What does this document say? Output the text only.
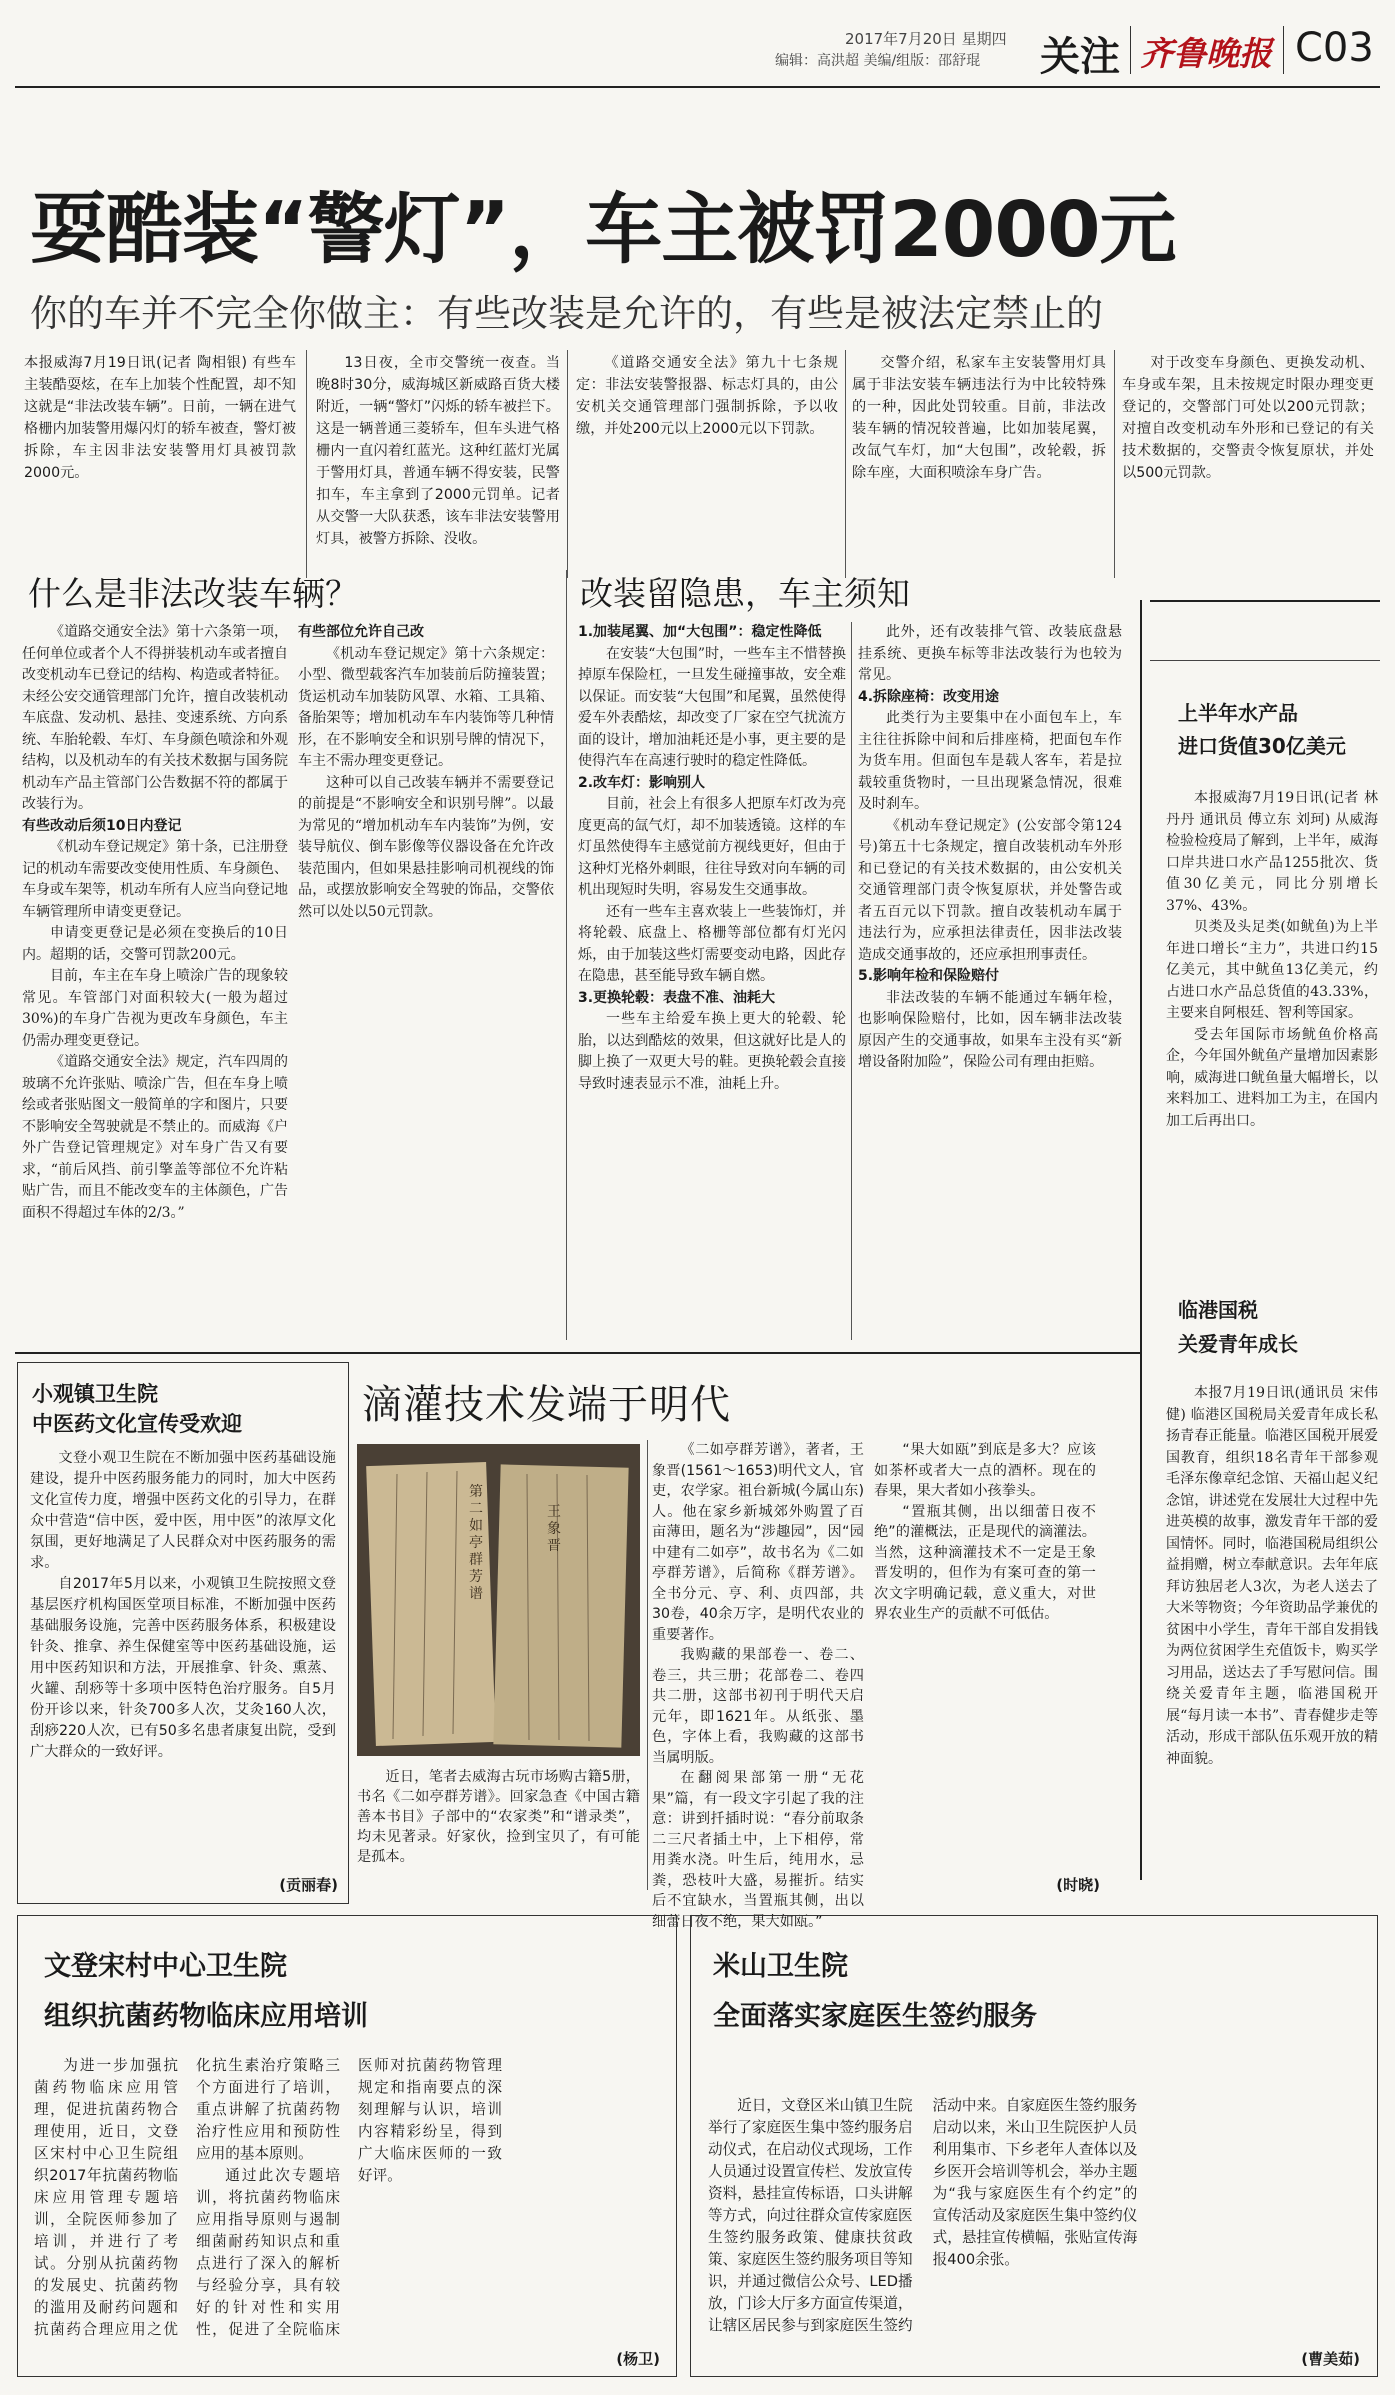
2017年7月20日 星期四
编辑：高洪超 美编/组版：邵舒琨 关注 齐鲁晚报 C03
耍酷装“警灯”，车主被罚2000元
你的车并不完全你做主：有些改装是允许的，有些是被法定禁止的

本报威海7月19日讯(记者 陶相银) 有些车主装酷耍炫，在车上加装个性配置，却不知这就是“非法改装车辆”。日前，一辆在进气格栅内加装警用爆闪灯的轿车被查，警灯被拆除，车主因非法安装警用灯具被罚款2000元。

13日夜，全市交警统一夜查。当晚8时30分，威海城区新威路百货大楼附近，一辆“警灯”闪烁的轿车被拦下。这是一辆普通三菱轿车，但车头进气格栅内一直闪着红蓝光。这种红蓝灯光属于警用灯具，普通车辆不得安装，民警扣车，车主拿到了2000元罚单。记者从交警一大队获悉，该车非法安装警用灯具，被警方拆除、没收。

《道路交通安全法》第九十七条规定：非法安装警报器、标志灯具的，由公安机关交通管理部门强制拆除，予以收缴，并处200元以上2000元以下罚款。

交警介绍，私家车主安装警用灯具属于非法安装车辆违法行为中比较特殊的一种，因此处罚较重。目前，非法改装车辆的情况较普遍，比如加装尾翼，改氙气车灯，加“大包围”，改轮毂，拆除车座，大面积喷涂车身广告。

对于改变车身颜色、更换发动机、车身或车架，且未按规定时限办理变更登记的，交警部门可处以200元罚款；对擅自改变机动车外形和已登记的有关技术数据的，交警责令恢复原状，并处以500元罚款。

什么是非法改装车辆？

《道路交通安全法》第十六条第一项，任何单位或者个人不得拼装机动车或者擅自改变机动车已登记的结构、构造或者特征。未经公安交通管理部门允许，擅自改装机动车底盘、发动机、悬挂、变速系统、方向系统、车胎轮毂、车灯、车身颜色喷涂和外观结构，以及机动车的有关技术数据与国务院机动车产品主管部门公告数据不符的都属于改装行为。

有些改动后须10日内登记

《机动车登记规定》第十条，已注册登记的机动车需要改变使用性质、车身颜色、车身或车架等，机动车所有人应当向登记地车辆管理所申请变更登记。

申请变更登记是必须在变换后的10日内。超期的话，交警可罚款200元。

目前，车主在车身上喷涂广告的现象较常见。车管部门对面积较大(一般为超过30%)的车身广告视为更改车身颜色，车主仍需办理变更登记。

《道路交通安全法》规定，汽车四周的玻璃不允许张贴、喷涂广告，但在车身上喷绘或者张贴图文一般简单的字和图片，只要不影响安全驾驶就是不禁止的。而威海《户外广告登记管理规定》对车身广告又有要求，“前后风挡、前引擎盖等部位不允许粘贴广告，而且不能改变车的主体颜色，广告面积不得超过车体的2/3。”

有些部位允许自己改

《机动车登记规定》第十六条规定：小型、微型载客汽车加装前后防撞装置；货运机动车加装防风罩、水箱、工具箱、备胎架等；增加机动车车内装饰等几种情形，在不影响安全和识别号牌的情况下，车主不需办理变更登记。

这种可以自己改装车辆并不需要登记的前提是“不影响安全和识别号牌”。以最为常见的“增加机动车车内装饰”为例，安装导航仪、倒车影像等仪器设备在允许改装范围内，但如果悬挂影响司机视线的饰品，或摆放影响安全驾驶的饰品，交警依然可以处以50元罚款。

改装留隐患，车主须知

1.加装尾翼、加“大包围”：稳定性降低

在安装“大包围”时，一些车主不惜替换掉原车保险杠，一旦发生碰撞事故，安全难以保证。而安装“大包围”和尾翼，虽然使得爱车外表酷炫，却改变了厂家在空气扰流方面的设计，增加油耗还是小事，更主要的是使得汽车在高速行驶时的稳定性降低。

2.改车灯：影响别人

目前，社会上有很多人把原车灯改为亮度更高的氙气灯，却不加装透镜。这样的车灯虽然使得车主感觉前方视线更好，但由于这种灯光格外刺眼，往往导致对向车辆的司机出现短时失明，容易发生交通事故。

还有一些车主喜欢装上一些装饰灯，并将轮毂、底盘上、格栅等部位都有灯光闪烁，由于加装这些灯需要变动电路，因此存在隐患，甚至能导致车辆自燃。

3.更换轮毂：表盘不准、油耗大

一些车主给爱车换上更大的轮毂、轮胎，以达到酷炫的效果，但这就好比是人的脚上换了一双更大号的鞋。更换轮毂会直接导致时速表显示不准，油耗上升。

此外，还有改装排气管、改装底盘悬挂系统、更换车标等非法改装行为也较为常见。

4.拆除座椅：改变用途

此类行为主要集中在小面包车上，车主往往拆除中间和后排座椅，把面包车作为货车用。但面包车是载人客车，若是拉载较重货物时，一旦出现紧急情况，很难及时刹车。

《机动车登记规定》(公安部令第124号)第五十七条规定，擅自改装机动车外形和已登记的有关技术数据的，由公安机关交通管理部门责令恢复原状，并处警告或者五百元以下罚款。擅自改装机动车属于违法行为，应承担法律责任，因非法改装造成交通事故的，还应承担刑事责任。

5.影响年检和保险赔付

非法改装的车辆不能通过车辆年检，也影响保险赔付，比如，因车辆非法改装原因产生的交通事故，如果车主没有买“新增设备附加险”，保险公司有理由拒赔。

上半年水产品
进口货值30亿美元

本报威海7月19日讯(记者 林丹丹 通讯员 傅立东 刘珂) 从威海检验检疫局了解到，上半年，威海口岸共进口水产品1255批次、货值30亿美元，同比分别增长37%、43%。

贝类及头足类(如鱿鱼)为上半年进口增长“主力”，共进口约15亿美元，其中鱿鱼13亿美元，约占进口水产品总货值的43.33%，主要来自阿根廷、智利等国家。

受去年国际市场鱿鱼价格高企，今年国外鱿鱼产量增加因素影响，威海进口鱿鱼量大幅增长，以来料加工、进料加工为主，在国内加工后再出口。

临港国税
关爱青年成长

本报7月19日讯(通讯员 宋伟健) 临港区国税局关爱青年成长私扬青春正能量。临港区国税开展爱国教育，组织18名青年干部参观毛泽东像章纪念馆、天福山起义纪念馆，讲述党在发展壮大过程中先进英模的故事，激发青年干部的爱国情怀。同时，临港国税局组织公益捐赠，树立奉献意识。去年年底拜访独居老人3次，为老人送去了大米等物资；今年资助品学兼优的贫困中小学生，青年干部自发捐钱为两位贫困学生充值饭卡，购买学习用品，送达去了手写慰问信。围绕关爱青年主题，临港国税开展“每月读一本书”、青春健步走等活动，形成干部队伍乐观开放的精神面貌。

小观镇卫生院
中医药文化宣传受欢迎

文登小观卫生院在不断加强中医药基础设施建设，提升中医药服务能力的同时，加大中医药文化宣传力度，增强中医药文化的引导力，在群众中营造“信中医，爱中医，用中医”的浓厚文化氛围，更好地满足了人民群众对中医药服务的需求。

自2017年5月以来，小观镇卫生院按照文登基层医疗机构国医堂项目标准，不断加强中医药基础服务设施，完善中医药服务体系，积极建设针灸、推拿、养生保健室等中医药基础设施，运用中医药知识和方法，开展推拿、针灸、熏蒸、火罐、刮痧等十多项中医特色治疗服务。自5月份开诊以来，针灸700多人次，艾灸160人次，刮痧220人次，已有50多名患者康复出院，受到广大群众的一致好评。

(贡丽春)
滴灌技术发端于明代
第二如亭群芳谱
王象晋

近日，笔者去威海古玩市场购古籍5册，书名《二如亭群芳谱》。回家急查《中国古籍善本书目》子部中的“农家类”和“谱录类”，均未见著录。好家伙，捡到宝贝了，有可能是孤本。

《二如亭群芳谱》，著者，王象晋(1561～1653)明代文人，官吏，农学家。祖台新城(今属山东)人。他在家乡新城郊外购置了百亩薄田，题名为“涉趣园”，因“园中建有二如亭”，故书名为《二如亭群芳谱》，后简称《群芳谱》。全书分元、亨、利、贞四部，共30卷，40余万字，是明代农业的重要著作。

我购藏的果部卷一、卷二、卷三，共三册；花部卷二、卷四共二册，这部书初刊于明代天启元年，即1621年。从纸张、墨色，字体上看，我购藏的这部书当属明版。

在翻阅果部第一册“无花果”篇，有一段文字引起了我的注意：讲到扦插时说：“春分前取条二三尺者插土中，上下相停，常用粪水浇。叶生后，纯用水，忌粪，恐枝叶大盛，易摧折。结实后不宜缺水，当置瓶其侧，出以细蕾日夜不绝，果大如瓯。”

“果大如瓯”到底是多大？应该如茶杯或者大一点的酒杯。现在的春果，果大者如小孩拳头。

“置瓶其侧，出以细蕾日夜不绝”的灌概法，正是现代的滴灌法。当然，这种滴灌技术不一定是王象晋发明的，但作为有案可查的第一次文字明确记载，意义重大，对世界农业生产的贡献不可低估。

(时晓)
文登宋村中心卫生院
组织抗菌药物临床应用培训

为进一步加强抗菌药物临床应用管理，促进抗菌药物合理使用，近日，文登区宋村中心卫生院组织2017年抗菌药物临床应用管理专题培训，全院医师参加了培训，并进行了考试。分别从抗菌药物的发展史、抗菌药物的滥用及耐药问题和抗菌药合理应用之优化抗生素治疗策略三个方面进行了培训，重点讲解了抗菌药物治疗性应用和预防性应用的基本原则。

通过此次专题培训，将抗菌药物临床应用指导原则与遏制细菌耐药知识点和重点进行了深入的解析与经验分享，具有较好的针对性和实用性，促进了全院临床医师对抗菌药物管理规定和指南要点的深刻理解与认识，培训内容精彩纷呈，得到广大临床医师的一致好评。

(杨卫)
米山卫生院
全面落实家庭医生签约服务

近日，文登区米山镇卫生院举行了家庭医生集中签约服务启动仪式，在启动仪式现场，工作人员通过设置宣传栏、发放宣传资料，悬挂宣传标语，口头讲解等方式，向过往群众宣传家庭医生签约服务政策、健康扶贫政策、家庭医生签约服务项目等知识，并通过微信公众号、LED播放，门诊大厅多方面宣传渠道，让辖区居民参与到家庭医生签约活动中来。自家庭医生签约服务启动以来，米山卫生院医护人员利用集市、下乡老年人查体以及乡医开会培训等机会，举办主题为“我与家庭医生有个约定”的宣传活动及家庭医生集中签约仪式，悬挂宣传横幅，张贴宣传海报400余张。

(曹美茹)
